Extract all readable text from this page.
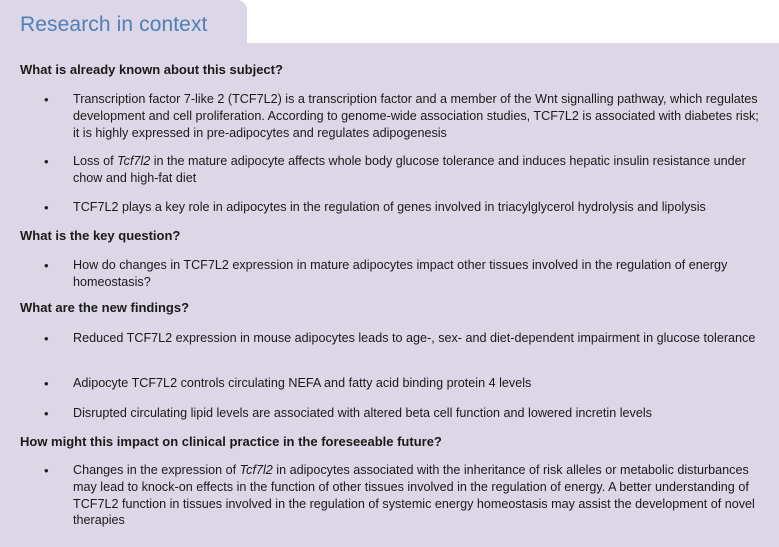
Research in context
What is already known about this subject?
• Transcription factor 7-like 2 (TCF7L2) is a transcription factor and a member of the Wnt signalling pathway, which regulates development and cell proliferation. According to genome-wide association studies, TCF7L2 is associated with diabetes risk; it is highly expressed in pre-adipocytes and regulates adipogenesis
• Loss of Tcf7l2 in the mature adipocyte affects whole body glucose tolerance and induces hepatic insulin resistance under chow and high-fat diet
• TCF7L2 plays a key role in adipocytes in the regulation of genes involved in triacylglycerol hydrolysis and lipolysis
What is the key question?
• How do changes in TCF7L2 expression in mature adipocytes impact other tissues involved in the regulation of energy homeostasis?
What are the new findings?
• Reduced TCF7L2 expression in mouse adipocytes leads to age-, sex- and diet-dependent impairment in glucose tolerance
• Adipocyte TCF7L2 controls circulating NEFA and fatty acid binding protein 4 levels
• Disrupted circulating lipid levels are associated with altered beta cell function and lowered incretin levels
How might this impact on clinical practice in the foreseeable future?
• Changes in the expression of Tcf7l2 in adipocytes associated with the inheritance of risk alleles or metabolic disturbances may lead to knock-on effects in the function of other tissues involved in the regulation of energy. A better understanding of TCF7L2 function in tissues involved in the regulation of systemic energy homeostasis may assist the development of novel therapies
